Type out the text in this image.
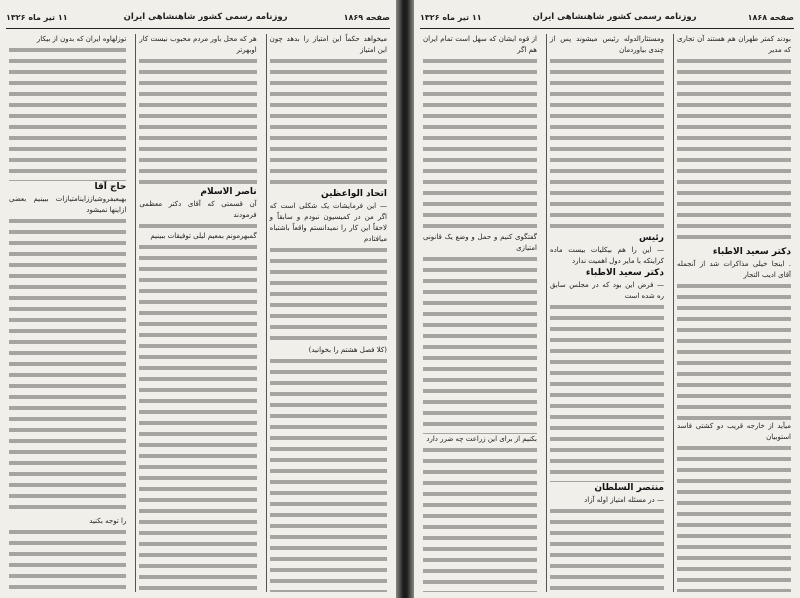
صفحه ۱۸۶۹
روزنامه رسمی کشور شاهنشاهی ایران
۱۱ تیر ماه ۱۳۲۶
میخواهد حکماً این امتیاز را بدهد چون این امتیاز
اتحاد الواعظین
— این فرمایشات یک شکلی است که اگر من در کمیسیون نبودم و سابقاً و لاحقاً این کار را نمیدانستم واقعاً باشتباه میافتادم
(کلا فصل هشتم را بخوانید)
هر که محل باور مردم محبوب نیست کار اوبهرتر
ناصر الاسلام
آن قسمتی که آقای دکتر معظمی فرمودند
گمبهرمونم بمعیم لیلی توفیقات ببینیم
توزلهاوه ایران که بدون از بیکار
حاج آقا
بهبعبفروشیاززاینامتیازات ببینیم بعضی ازاینها نمیشود
را توجه بکنید
صفحه ۱۸۶۸
روزنامه رسمی کشور شاهنشاهی ایران
۱۱ تیر ماه ۱۳۲۶
بودند کمتر طهران هم هستند آن تجاری که مدیر
دکتر سعید الاطباء
. اینجا خیلی مذاکرات شد از آنجمله آقای ادیب التجار
میآید از خارجه قریب دو کشتی فاسد استوبیان
ومستثارالدوله رئیس میشوند پس از چندی بیاوردمان
رئیس
— این را هم بیکلیات بیست ماده کراینکه با مایر دول اهمیت ندارد
دکتر سعید الاطباء
— فرض این بود که در مجلس سابق ره شده است
منتصر السلطان
— در مسئله امتیاز اوله آزاد
از قوه ایشان که سهل است تمام ایران هم اگر
گفتگوی کنیم و حمل و وضع یک قانونی امتیازی
بکنیم از برای این زراعت چه ضرر دارد
